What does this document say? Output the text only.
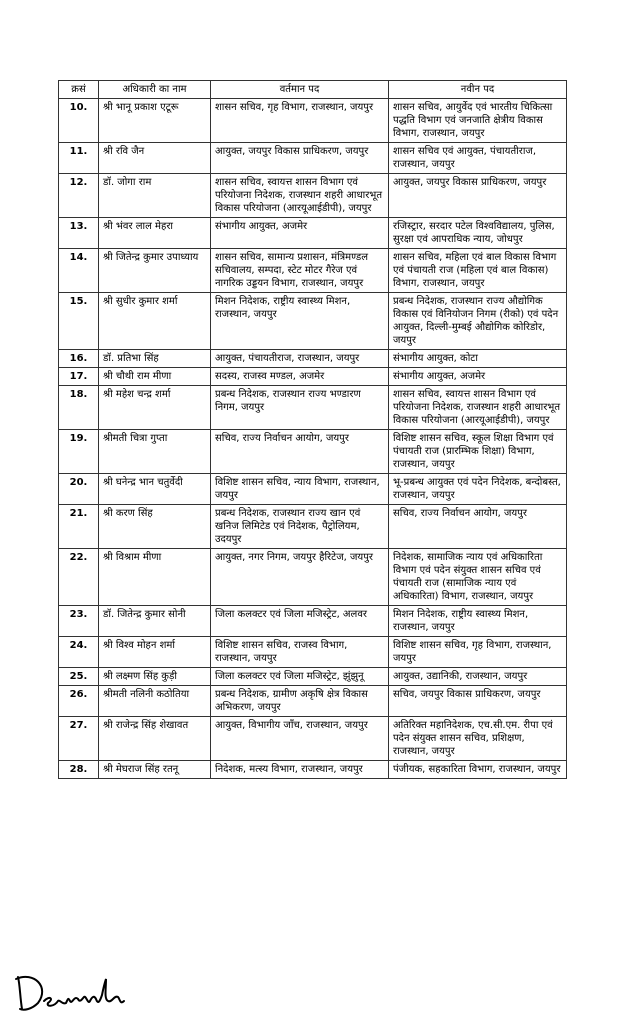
क्रसं	अधिकारी का नाम	वर्तमान पद	नवीन पद
10.	श्री भानू प्रकाश एटूरू	शासन सचिव, गृह विभाग, राजस्थान, जयपुर	शासन सचिव, आयुर्वेद एवं भारतीय चिकित्सा पद्धति विभाग एवं जनजाति क्षेत्रीय विकास विभाग, राजस्थान, जयपुर
11.	श्री रवि जैन	आयुक्त, जयपुर विकास प्राधिकरण, जयपुर	शासन सचिव एवं आयुक्त, पंचायतीराज, राजस्थान, जयपुर
12.	डॉ. जोगा राम	शासन सचिव, स्वायत्त शासन विभाग एवं परियोजना निदेशक, राजस्थान शहरी आधारभूत विकास परियोजना (आरयूआईडीपी), जयपुर	आयुक्त, जयपुर विकास प्राधिकरण, जयपुर
13.	श्री भंवर लाल मेहरा	संभागीय आयुक्त, अजमेर	रजिस्ट्रार, सरदार पटेल विश्वविद्यालय, पुलिस, सुरक्षा एवं आपराधिक न्याय, जोधपुर
14.	श्री जितेन्द्र कुमार उपाध्याय	शासन सचिव, सामान्य प्रशासन, मंत्रिमण्डल सचिवालय, सम्पदा, स्टेट मोटर गैरेज एवं नागरिक उड्डयन विभाग, राजस्थान, जयपुर	शासन सचिव, महिला एवं बाल विकास विभाग एवं पंचायती राज (महिला एवं बाल विकास) विभाग, राजस्थान, जयपुर
15.	श्री सुधीर कुमार शर्मा	मिशन निदेशक, राष्ट्रीय स्वास्थ्य मिशन, राजस्थान, जयपुर	प्रबन्ध निदेशक, राजस्थान राज्य औद्योगिक विकास एवं विनियोजन निगम (रीको) एवं पदेन आयुक्त, दिल्ली-मुम्बई औद्योगिक कोरिडोर, जयपुर
16.	डॉ. प्रतिभा सिंह	आयुक्त, पंचायतीराज, राजस्थान, जयपुर	संभागीय आयुक्त, कोटा
17.	श्री चौथी राम मीणा	सदस्य, राजस्व मण्डल, अजमेर	संभागीय आयुक्त, अजमेर
18.	श्री महेश चन्द्र शर्मा	प्रबन्ध निदेशक, राजस्थान राज्य भण्डारण निगम, जयपुर	शासन सचिव, स्वायत्त शासन विभाग एवं परियोजना निदेशक, राजस्थान शहरी आधारभूत विकास परियोजना (आरयूआईडीपी), जयपुर
19.	श्रीमती चित्रा गुप्ता	सचिव, राज्य निर्वाचन आयोग, जयपुर	विशिष्ट शासन सचिव, स्कूल शिक्षा विभाग एवं पंचायती राज (प्रारम्भिक शिक्षा) विभाग, राजस्थान, जयपुर
20.	श्री घनेन्द्र भान चतुर्वेदी	विशिष्ट शासन सचिव, न्याय विभाग, राजस्थान, जयपुर	भू-प्रबन्ध आयुक्त एवं पदेन निदेशक, बन्दोबस्त, राजस्थान, जयपुर
21.	श्री करण सिंह	प्रबन्ध निदेशक, राजस्थान राज्य खान एवं खनिज लिमिटेड एवं निदेशक, पैट्रोलियम, उदयपुर	सचिव, राज्य निर्वाचन आयोग, जयपुर
22.	श्री विश्राम मीणा	आयुक्त, नगर निगम, जयपुर हैरिटेज, जयपुर	निदेशक, सामाजिक न्याय एवं अधिकारिता विभाग एवं पदेन संयुक्त शासन सचिव एवं पंचायती राज (सामाजिक न्याय एवं अधिकारिता) विभाग, राजस्थान, जयपुर
23.	डॉ. जितेन्द्र कुमार सोनी	जिला कलक्टर एवं जिला मजिस्ट्रेट, अलवर	मिशन निदेशक, राष्ट्रीय स्वास्थ्य मिशन, राजस्थान, जयपुर
24.	श्री विश्व मोहन शर्मा	विशिष्ट शासन सचिव, राजस्व विभाग, राजस्थान, जयपुर	विशिष्ट शासन सचिव, गृह विभाग, राजस्थान, जयपुर
25.	श्री लक्ष्मण सिंह कुड़ी	जिला कलक्टर एवं जिला मजिस्ट्रेट, झुंझुनू	आयुक्त, उद्यानिकी, राजस्थान, जयपुर
26.	श्रीमती नलिनी कठोतिया	प्रबन्ध निदेशक, ग्रामीण अकृषि क्षेत्र विकास अभिकरण, जयपुर	सचिव, जयपुर विकास प्राधिकरण, जयपुर
27.	श्री राजेन्द्र सिंह शेखावत	आयुक्त, विभागीय जाँच, राजस्थान, जयपुर	अतिरिक्त महानिदेशक, एच.सी.एम. रीपा एवं पदेन संयुक्त शासन सचिव, प्रशिक्षण, राजस्थान, जयपुर
28.	श्री मेघराज सिंह रतनू	निदेशक, मत्स्य विभाग, राजस्थान, जयपुर	पंजीयक, सहकारिता विभाग, राजस्थान, जयपुर
